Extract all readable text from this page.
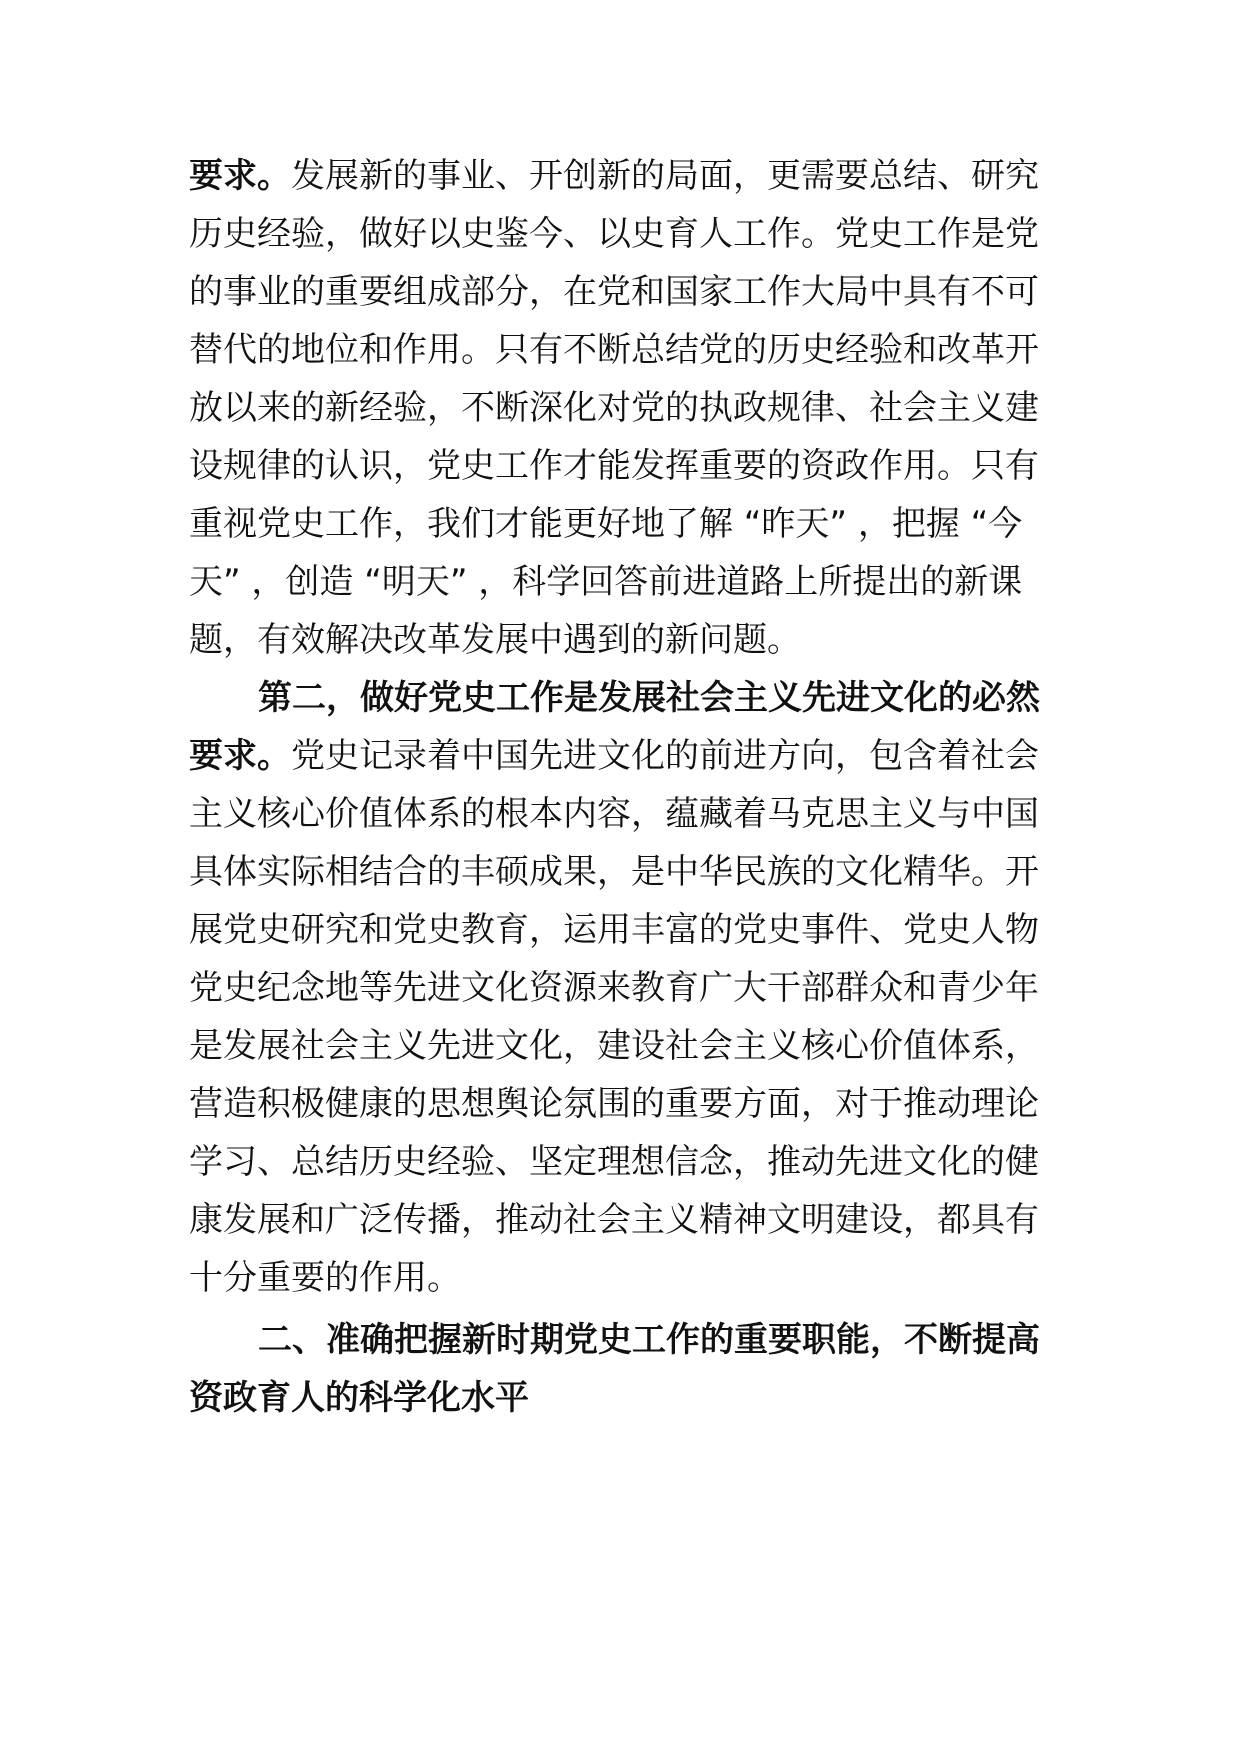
要求。发展新的事业、开创新的局面，更需要总结、研究
历史经验，做好以史鉴今、以史育人工作。党史工作是党
的事业的重要组成部分，在党和国家工作大局中具有不可
替代的地位和作用。只有不断总结党的历史经验和改革开
放以来的新经验，不断深化对党的执政规律、社会主义建
设规律的认识，党史工作才能发挥重要的资政作用。只有
重视党史工作，我们才能更好地了解 “昨天” ，把握 “今
天” ，创造 “明天” ，科学回答前进道路上所提出的新课
题，有效解决改革发展中遇到的新问题。
第二，做好党史工作是发展社会主义先进文化的必然
要求。党史记录着中国先进文化的前进方向，包含着社会
主义核心价值体系的根本内容，蕴藏着马克思主义与中国
具体实际相结合的丰硕成果，是中华民族的文化精华。开
展党史研究和党史教育，运用丰富的党史事件、党史人物
党史纪念地等先进文化资源来教育广大干部群众和青少年
是发展社会主义先进文化，建设社会主义核心价值体系，
营造积极健康的思想舆论氛围的重要方面，对于推动理论
学习、总结历史经验、坚定理想信念，推动先进文化的健
康发展和广泛传播，推动社会主义精神文明建设，都具有
十分重要的作用。
二、准确把握新时期党史工作的重要职能，不断提高
资政育人的科学化水平
